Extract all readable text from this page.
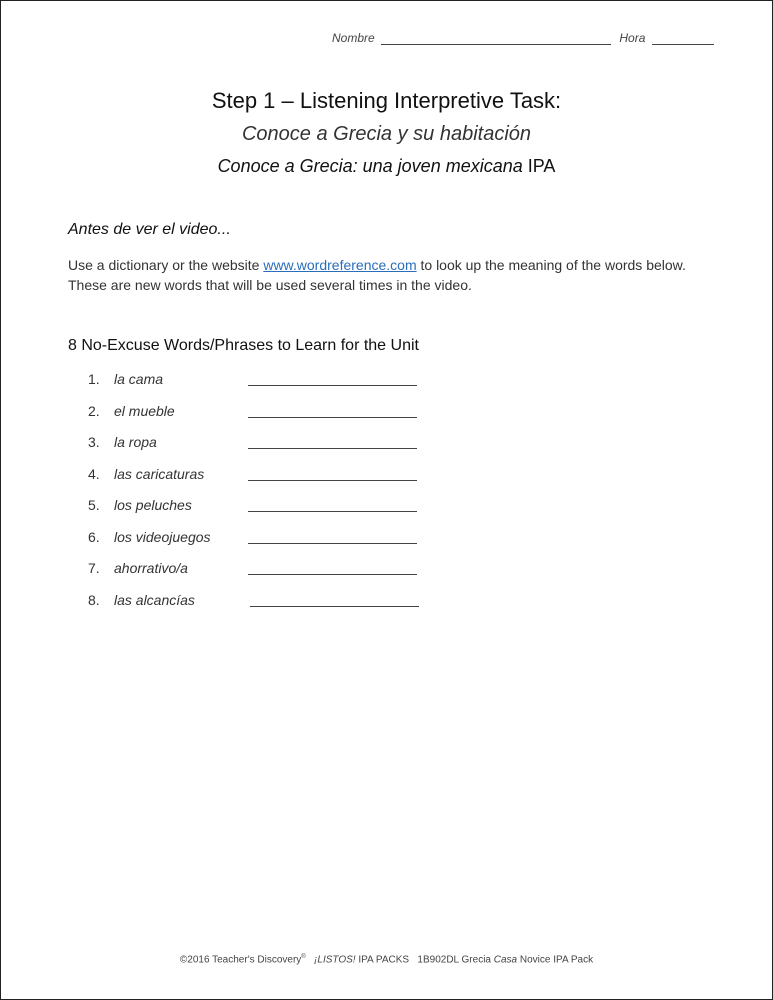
Nombre	Hora
Step 1 – Listening Interpretive Task:
Conoce a Grecia y su habitación
Conoce a Grecia: una joven mexicana IPA
Antes de ver el video...
Use a dictionary or the website www.wordreference.com to look up the meaning of the words below. These are new words that will be used several times in the video.
8 No-Excuse Words/Phrases to Learn for the Unit
1. la cama
2. el mueble
3. la ropa
4. las caricaturas
5. los peluches
6. los videojuegos
7. ahorrativo/a
8. las alcancías
©2016 Teacher's Discovery® ¡LISTOS! IPA PACKS   1B902DL Grecia Casa Novice IPA Pack
